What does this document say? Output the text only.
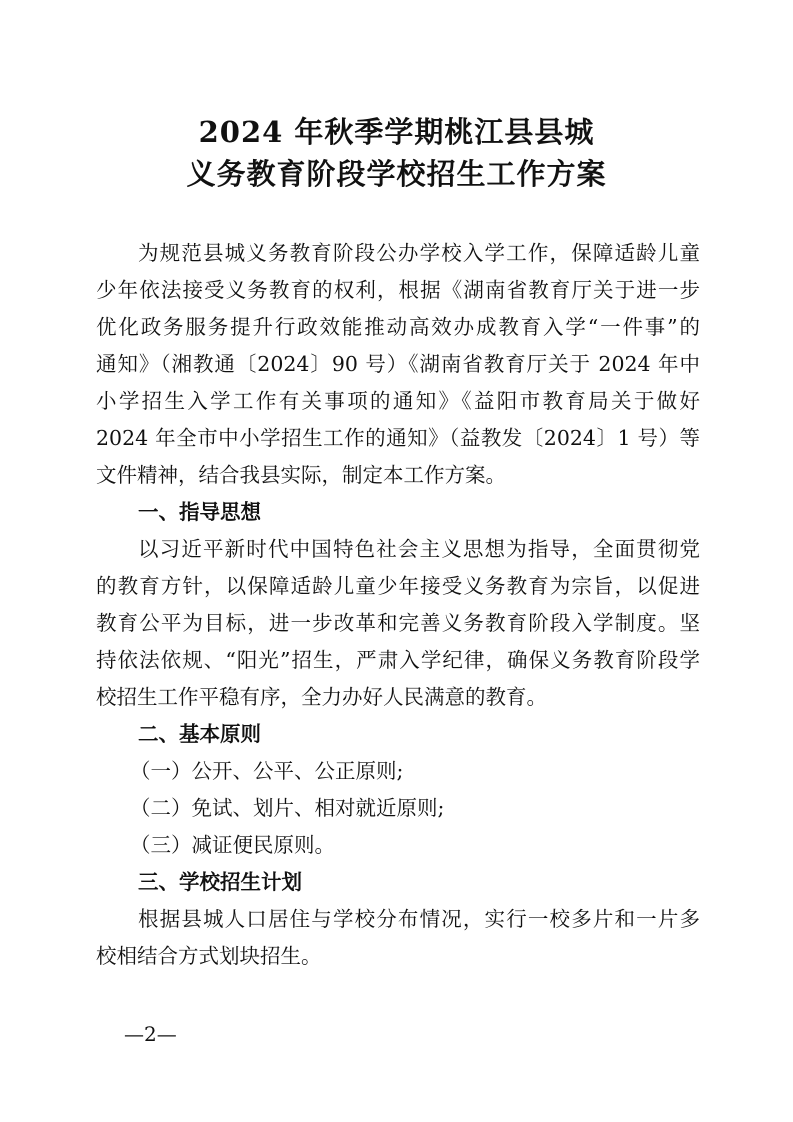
2024 年秋季学期桃江县县城
义务教育阶段学校招生工作方案

为规范县城义务教育阶段公办学校入学工作，保障适龄儿童

少年依法接受义务教育的权利，根据《湖南省教育厅关于进一步

优化政务服务提升行政效能推动高效办成教育入学“一件事”的

通知》（湘教通〔2024〕90 号）《湖南省教育厅关于 2024 年中

小学招生入学工作有关事项的通知》《益阳市教育局关于做好

2024 年全市中小学招生工作的通知》（益教发〔2024〕1 号）等

文件精神，结合我县实际，制定本工作方案。

一、指导思想

以习近平新时代中国特色社会主义思想为指导，全面贯彻党

的教育方针，以保障适龄儿童少年接受义务教育为宗旨，以促进

教育公平为目标，进一步改革和完善义务教育阶段入学制度。坚

持依法依规、“阳光”招生，严肃入学纪律，确保义务教育阶段学

校招生工作平稳有序，全力办好人民满意的教育。

二、基本原则

（一）公开、公平、公正原则;

（二）免试、划片、相对就近原则;

（三）减证便民原则。

三、学校招生计划

根据县城人口居住与学校分布情况，实行一校多片和一片多

校相结合方式划块招生。

—2—
